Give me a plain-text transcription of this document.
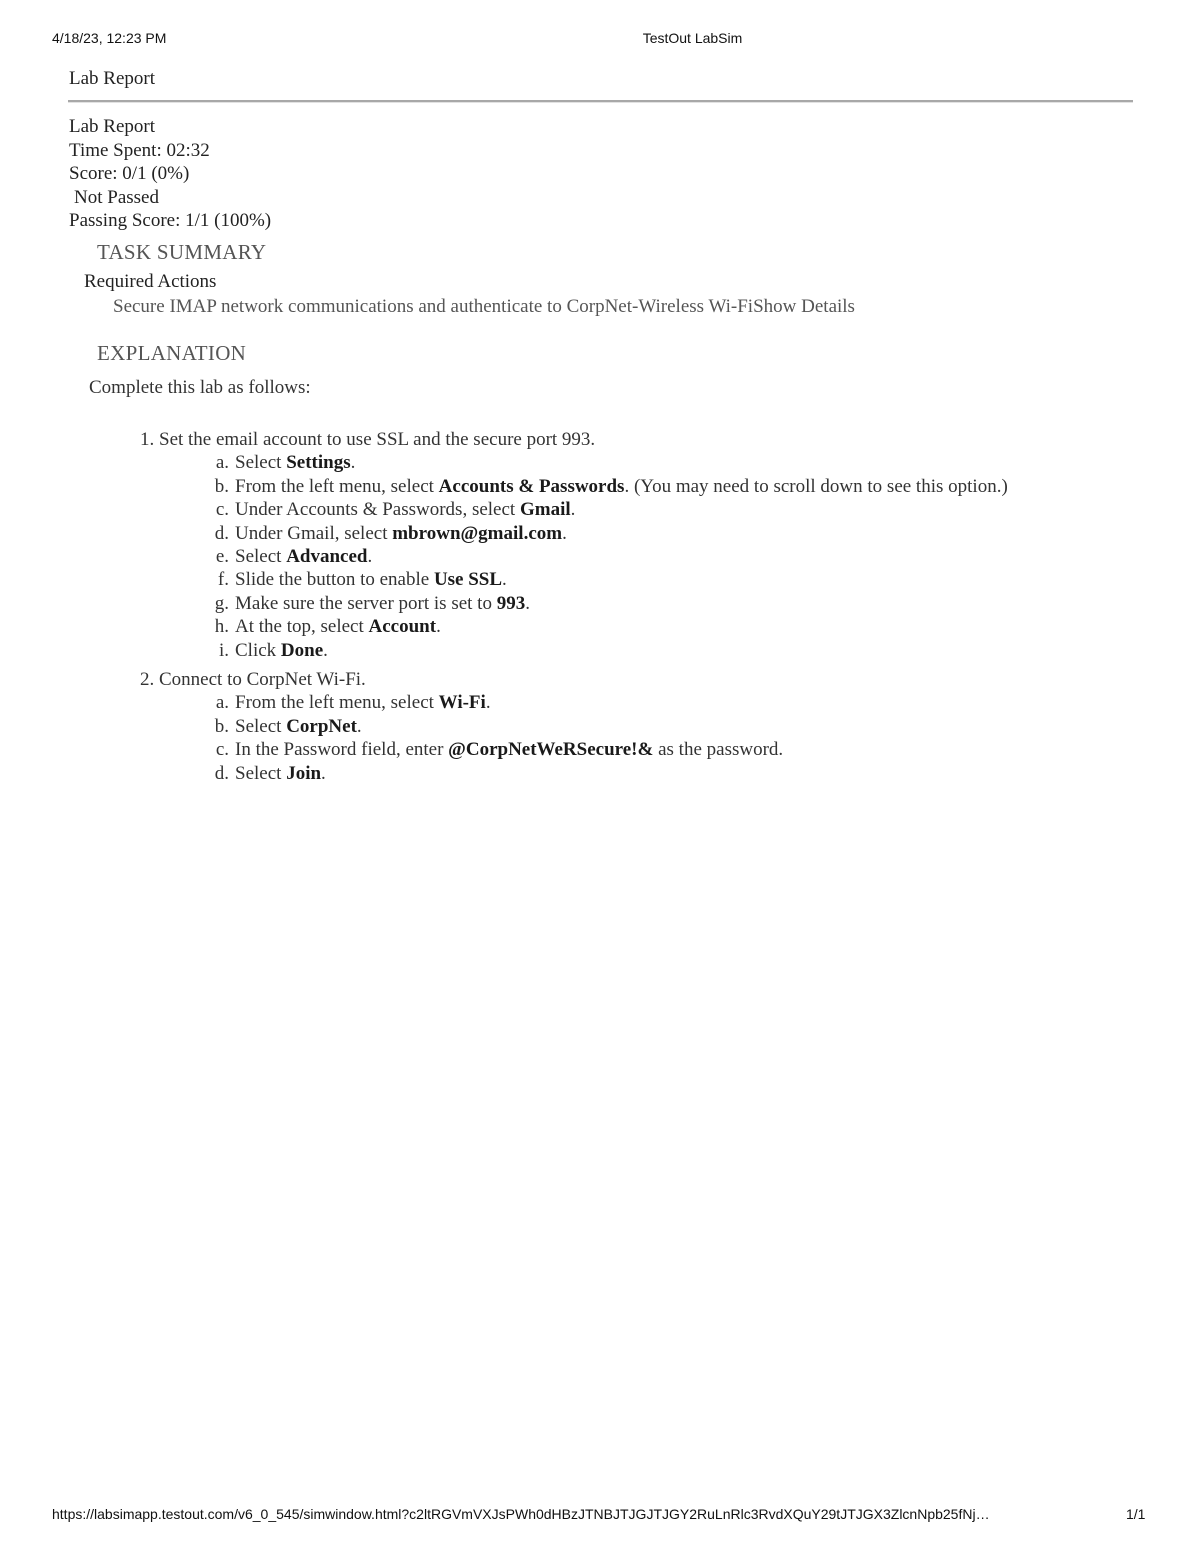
4/18/23, 12:23 PM	TestOut LabSim
Lab Report
Lab Report
Time Spent: 02:32
Score: 0/1 (0%)
Not Passed
Passing Score: 1/1 (100%)
TASK SUMMARY
Required Actions
Secure IMAP network communications and authenticate to CorpNet-Wireless Wi-FiShow Details
EXPLANATION
Complete this lab as follows:
1. Set the email account to use SSL and the secure port 993.
a. Select Settings.
b. From the left menu, select Accounts & Passwords. (You may need to scroll down to see this option.)
c. Under Accounts & Passwords, select Gmail.
d. Under Gmail, select mbrown@gmail.com.
e. Select Advanced.
f. Slide the button to enable Use SSL.
g. Make sure the server port is set to 993.
h. At the top, select Account.
i. Click Done.
2. Connect to CorpNet Wi-Fi.
a. From the left menu, select Wi-Fi.
b. Select CorpNet.
c. In the Password field, enter @CorpNetWeRSecure!& as the password.
d. Select Join.
https://labsimapp.testout.com/v6_0_545/simwindow.html?c2ltRGVmVXJsPWh0dHBzJTNBJTJGJTJGY2RuLnRlc3RvdXQuY29tJTJGX3ZlcnNpb25fNj…	1/1
